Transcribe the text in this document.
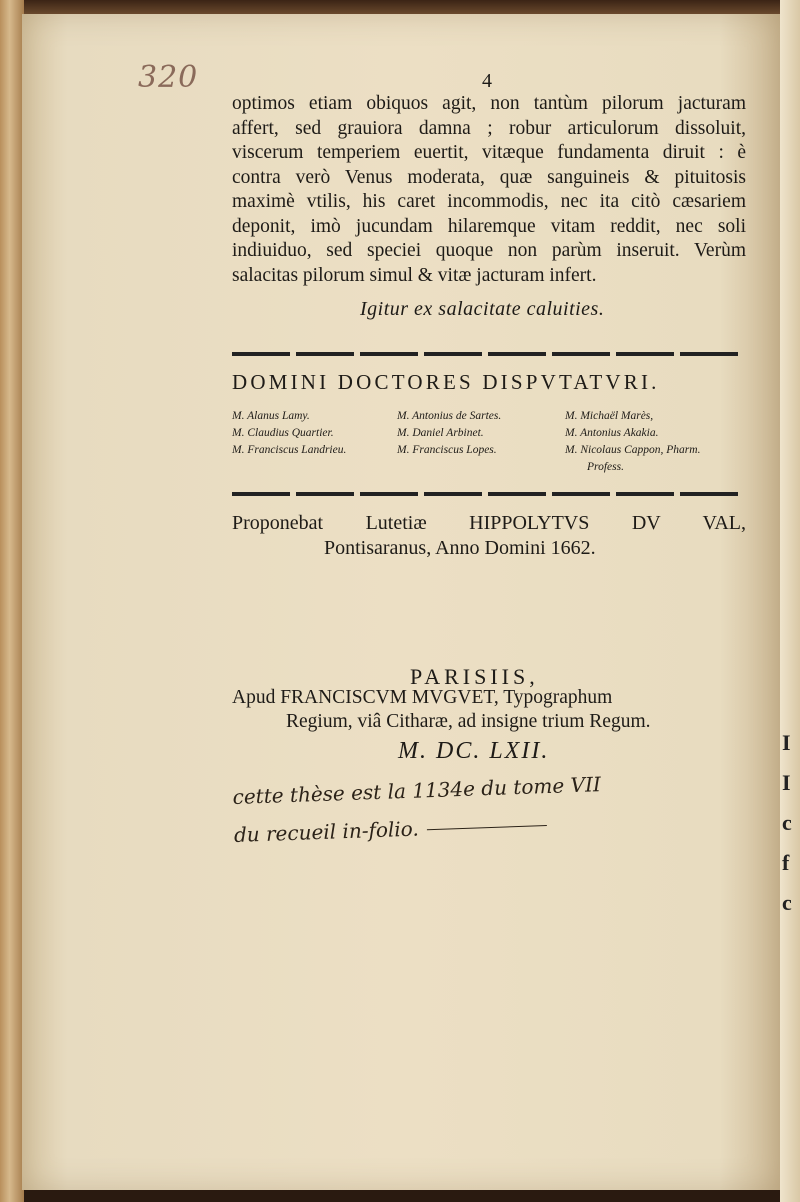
I
I
c
f
c
320	4
optimos etiam obiquos agit, non tantùm pilorum jacturam
affert, sed grauiora damna ; robur articulorum dissoluit,
viscerum temperiem euertit, vitæque fundamenta diruit : è
contra verò Venus moderata, quæ sanguineis & pituitosis
maximè vtilis, his caret incommodis, nec ita citò cæsariem
deponit, imò jucundam hilaremque vitam reddit, nec soli
indiuiduo, sed speciei quoque non parùm inseruit. Verùm
salacitas pilorum simul & vitæ jacturam infert.
Igitur ex salacitate caluities.
DOMINI DOCTORES DISPVTATVRI.
M. Alanus Lamy.	M. Antonius de Sartes.	M. Michaël Marès,
M. Claudius Quartier.	M. Daniel Arbinet.	M. Antonius Akakia.
M. Franciscus Landrieu.	M. Franciscus Lopes.	M. Nicolaus Cappon, Pharm.
Profess.
Proponebat Lutetiæ HIPPOLYTVS DV VAL,
Pontisaranus, Anno Domini 1662.
PARISIIS,
Apud FRANCISCVM MVGVET, Typographum
Regium, viâ Citharæ, ad insigne trium Regum.
M. DC. LXII.
cette thèse est la 1134e du tome VII
du recueil in-folio.
